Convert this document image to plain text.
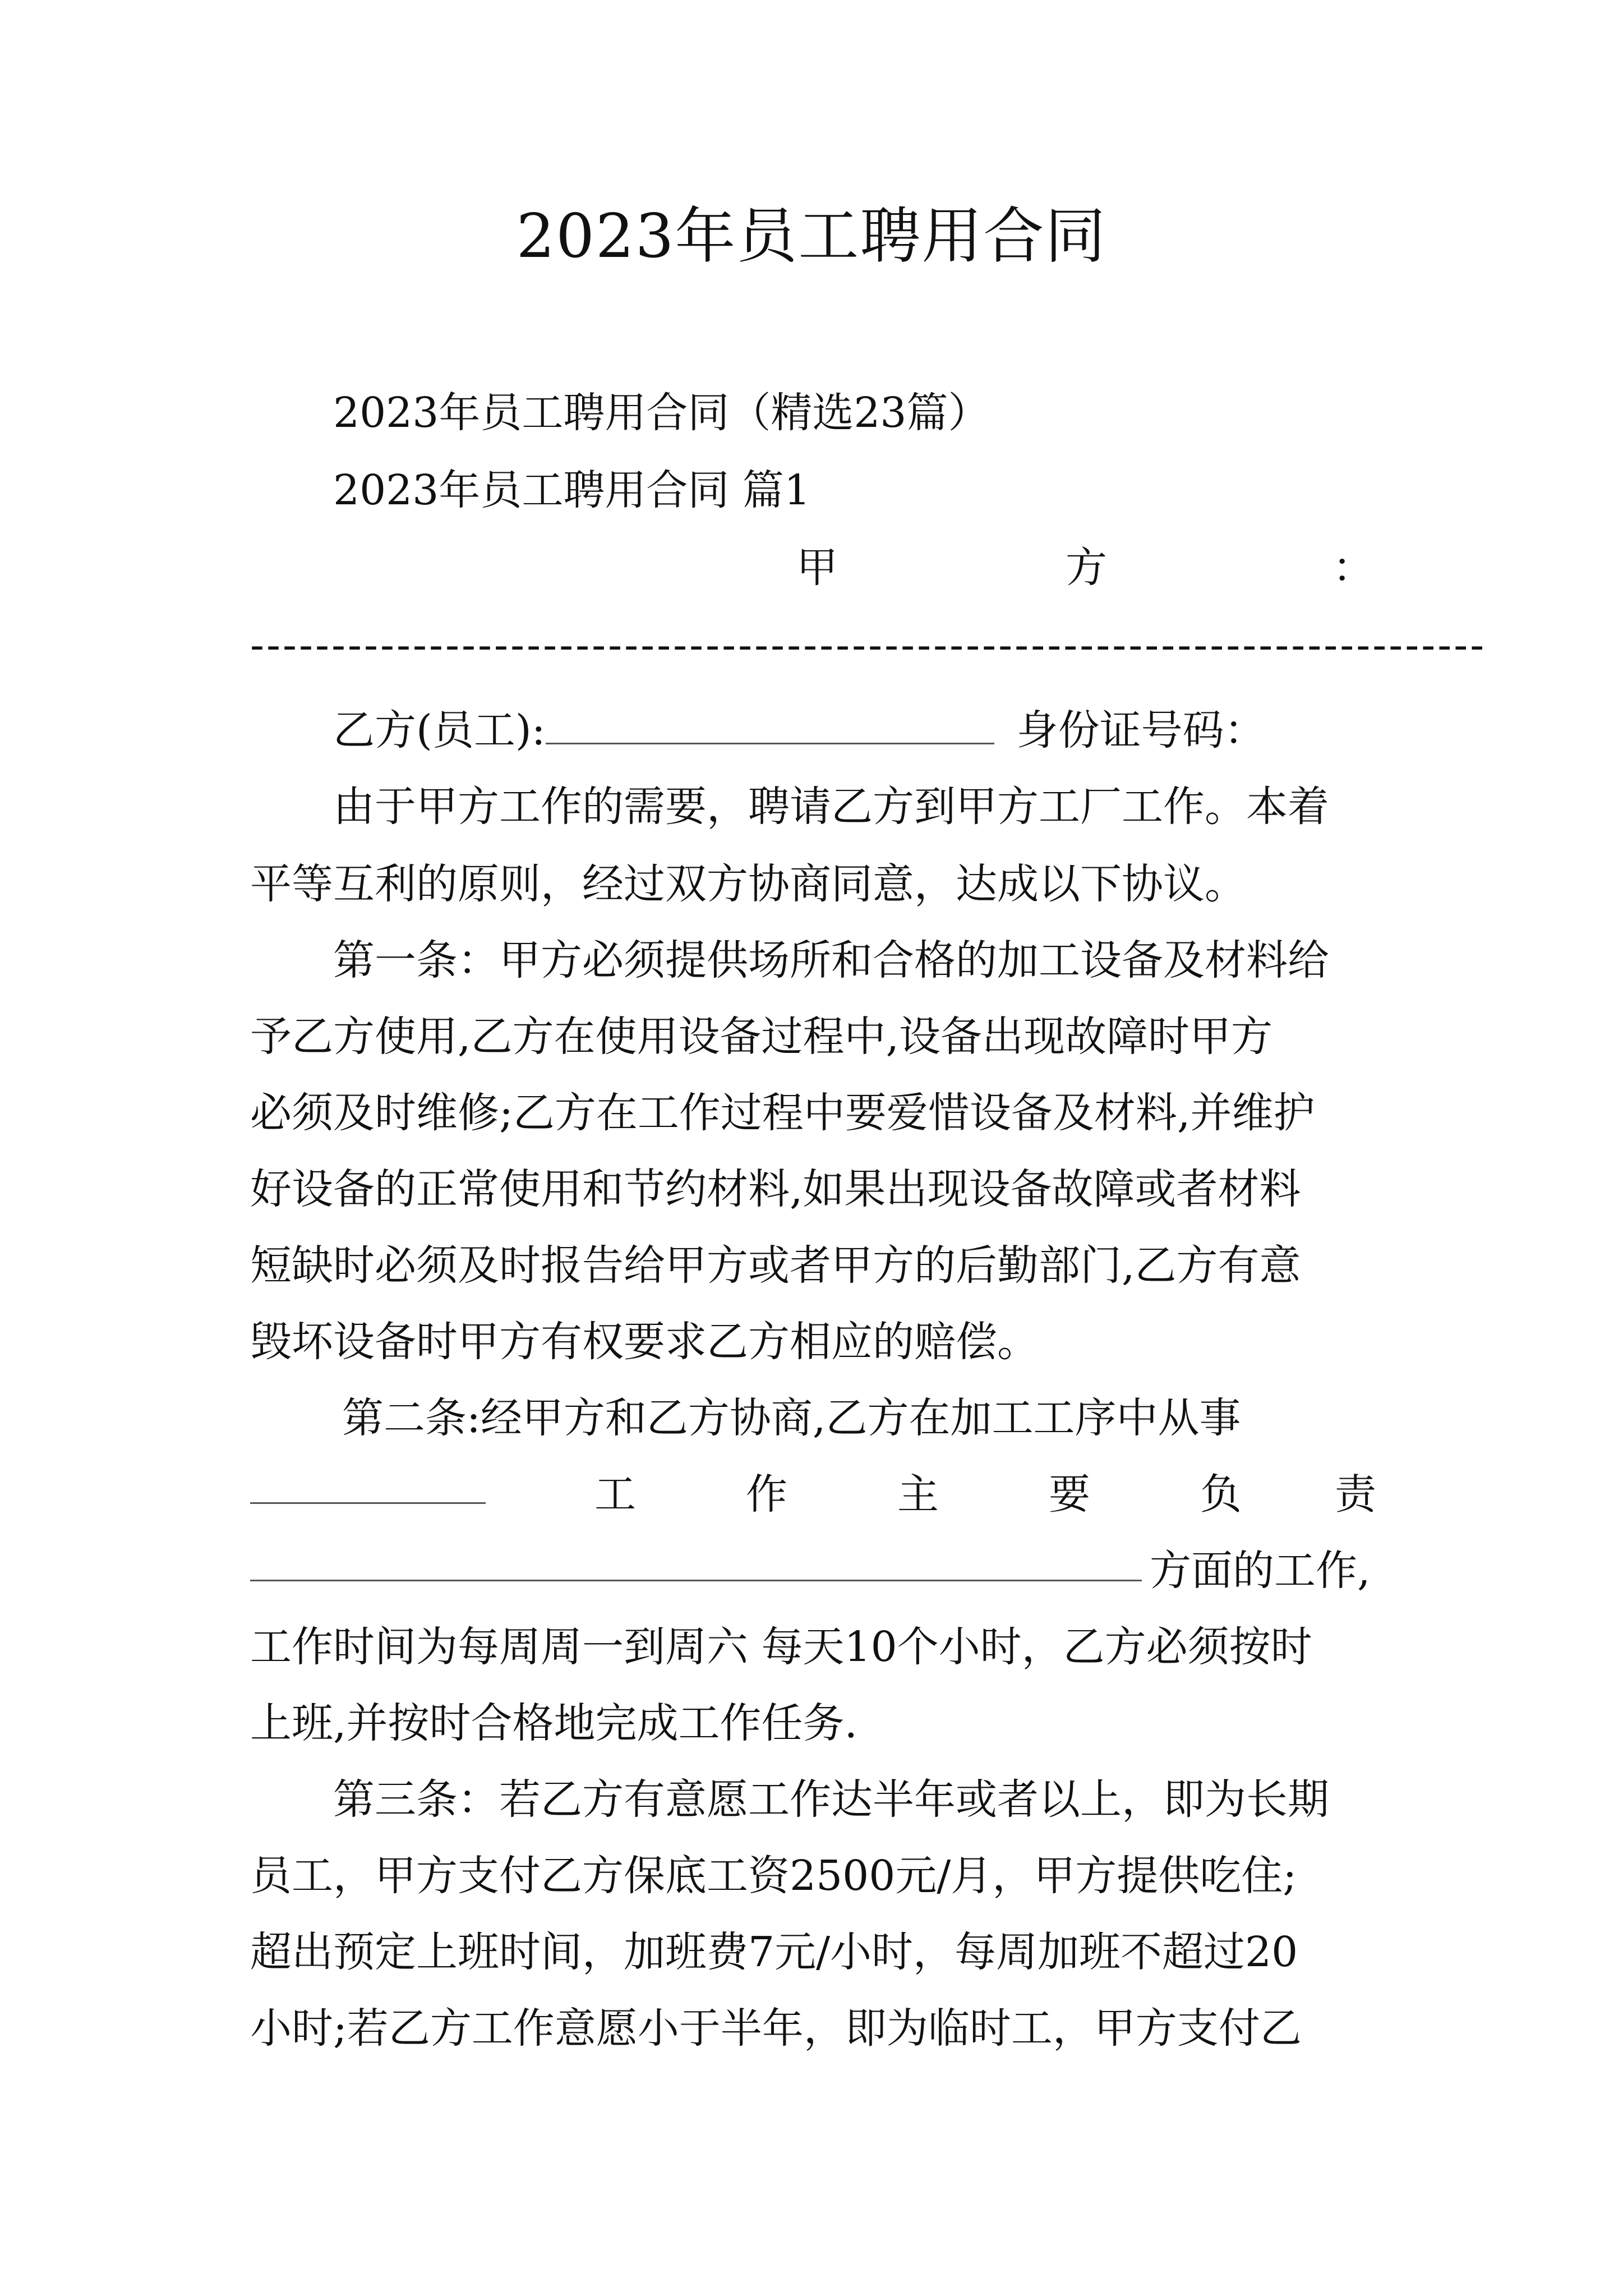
2023年员工聘用合同
2023年员工聘用合同（精选23篇）
2023年员工聘用合同 篇1
甲	方	：
----------------------------------------------------------------------------
乙方(员工):	身份证号码：
由于甲方工作的需要，聘请乙方到甲方工厂工作。本着
平等互利的原则，经过双方协商同意，达成以下协议。
第一条：甲方必须提供场所和合格的加工设备及材料给
予乙方使用,乙方在使用设备过程中,设备出现故障时甲方
必须及时维修;乙方在工作过程中要爱惜设备及材料,并维护
好设备的正常使用和节约材料,如果出现设备故障或者材料
短缺时必须及时报告给甲方或者甲方的后勤部门,乙方有意
毁坏设备时甲方有权要求乙方相应的赔偿。
第二条:经甲方和乙方协商,乙方在加工工序中从事
工	作	主	要	负 责
方面的工作,
工作时间为每周周一到周六 每天10个小时，乙方必须按时
上班,并按时合格地完成工作任务.
第三条：若乙方有意愿工作达半年或者以上，即为长期
员工，甲方支付乙方保底工资2500元/月，甲方提供吃住;
超出预定上班时间，加班费7元/小时，每周加班不超过20
小时;若乙方工作意愿小于半年，即为临时工，甲方支付乙
